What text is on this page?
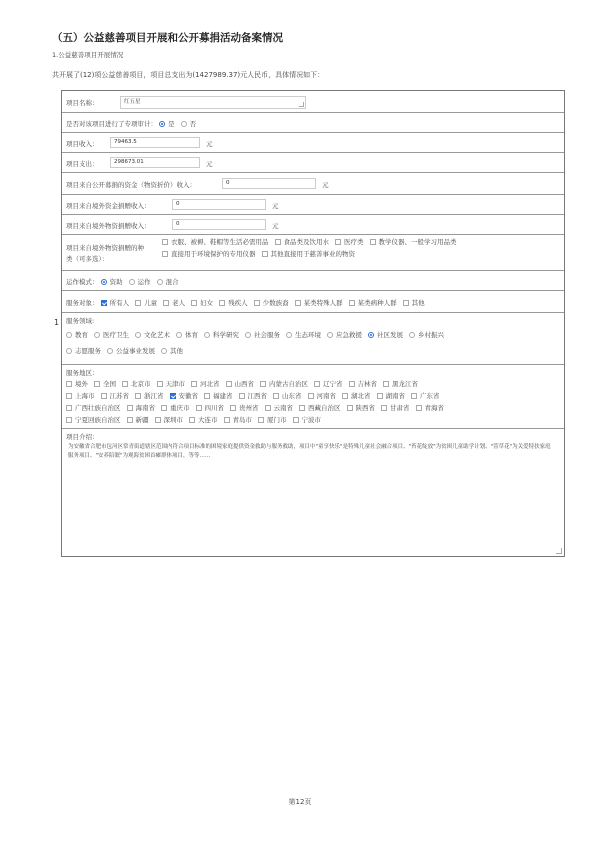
（五）公益慈善项目开展和公开募捐活动备案情况
1.公益慈善项目开展情况
共开展了(12)项公益慈善项目，项目总支出为(1427989.37)元人民币，具体情况如下：
1
项目名称：	红五星
是否对该项目进行了专项审计： 是 否
项目收入：	79463.5	元
项目支出：	298673.01	元
项目来自公开募捐的资金（物资折价）收入：	0	元
项目来自境外资金捐赠收入：	0	元
项目来自境外物资捐赠收入：	0	元
项目来自境外物资捐赠的种
类（可多选）：
衣服、被褥、鞋帽等生活必需用品 食品类及饮用水 医疗类 教学仪器、一般学习用品类
直接用于环境保护的专用仪器 其他直接用于慈善事业的物资
运作模式： 资助 运作 混合
服务对象： 所有人 儿童 老人 妇女 残疾人 少数族裔 某类特殊人群 某类病种人群 其他
服务领域:
教育 医疗卫生 文化艺术 体育 科学研究 社会服务 生态环境 应急救援 社区发展 乡村振兴
志愿服务 公益事业发展 其他
服务地区：
境外 全国 北京市 天津市 河北省 山西省 内蒙古自治区 辽宁省 吉林省 黑龙江省
上海市 江苏省 浙江省 安徽省 福建省 江西省 山东省 河南省 湖北省 湖南省 广东省
广西壮族自治区 海南省 重庆市 四川省 贵州省 云南省 西藏自治区 陕西省 甘肃省 青海省
宁夏回族自治区 新疆 深圳市 大连市 青岛市 厦门市 宁波市
项目介绍：
为安徽省合肥市包河区常青街道辖区范围内符合项目标准的困境家庭提供资金救助与服务救助，项目中"童享快乐"是特殊儿童社会融合项目、"苔花绽放"为贫困儿童助学计划、"萱草花"为关爱特扶家庭服务项目、"安养陪眠"为观海贫困首瘫群体项目，等等……
第12页
